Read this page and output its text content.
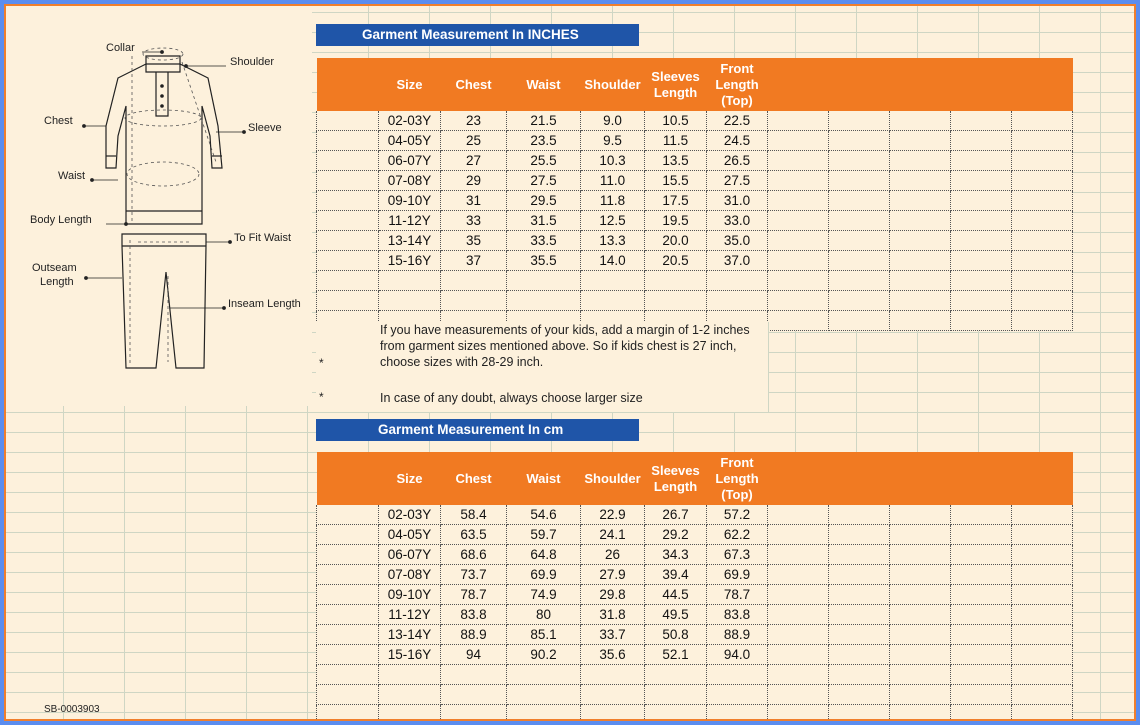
Collar
Shoulder
Chest
Sleeve
Waist
Body Length
To Fit Waist
Outseam
Length
Inseam Length
SB-0003903
Garment Measurement In INCHES
	Size	Chest	Waist	Shoulder	Sleeves Length	Front Length (Top)					
	02-03Y	23	21.5	9.0	10.5	22.5					
	04-05Y	25	23.5	9.5	11.5	24.5					
	06-07Y	27	25.5	10.3	13.5	26.5					
	07-08Y	29	27.5	11.0	15.5	27.5					
	09-10Y	31	29.5	11.8	17.5	31.0					
	11-12Y	33	31.5	12.5	19.5	33.0					
	13-14Y	35	33.5	13.3	20.0	35.0					
	15-16Y	37	35.5	14.0	20.5	37.0					

*
If you have measurements of your kids, add a margin of 1-2 inches from garment sizes mentioned above. So if kids chest is 27 inch, choose sizes with 28-29 inch.
*	In case of any doubt, always choose larger size
Garment Measurement In cm
	Size	Chest	Waist	Shoulder	Sleeves Length	Front Length (Top)					
	02-03Y	58.4	54.6	22.9	26.7	57.2					
	04-05Y	63.5	59.7	24.1	29.2	62.2					
	06-07Y	68.6	64.8	26	34.3	67.3					
	07-08Y	73.7	69.9	27.9	39.4	69.9					
	09-10Y	78.7	74.9	29.8	44.5	78.7					
	11-12Y	83.8	80	31.8	49.5	83.8					
	13-14Y	88.9	85.1	33.7	50.8	88.9					
	15-16Y	94	90.2	35.6	52.1	94.0					
